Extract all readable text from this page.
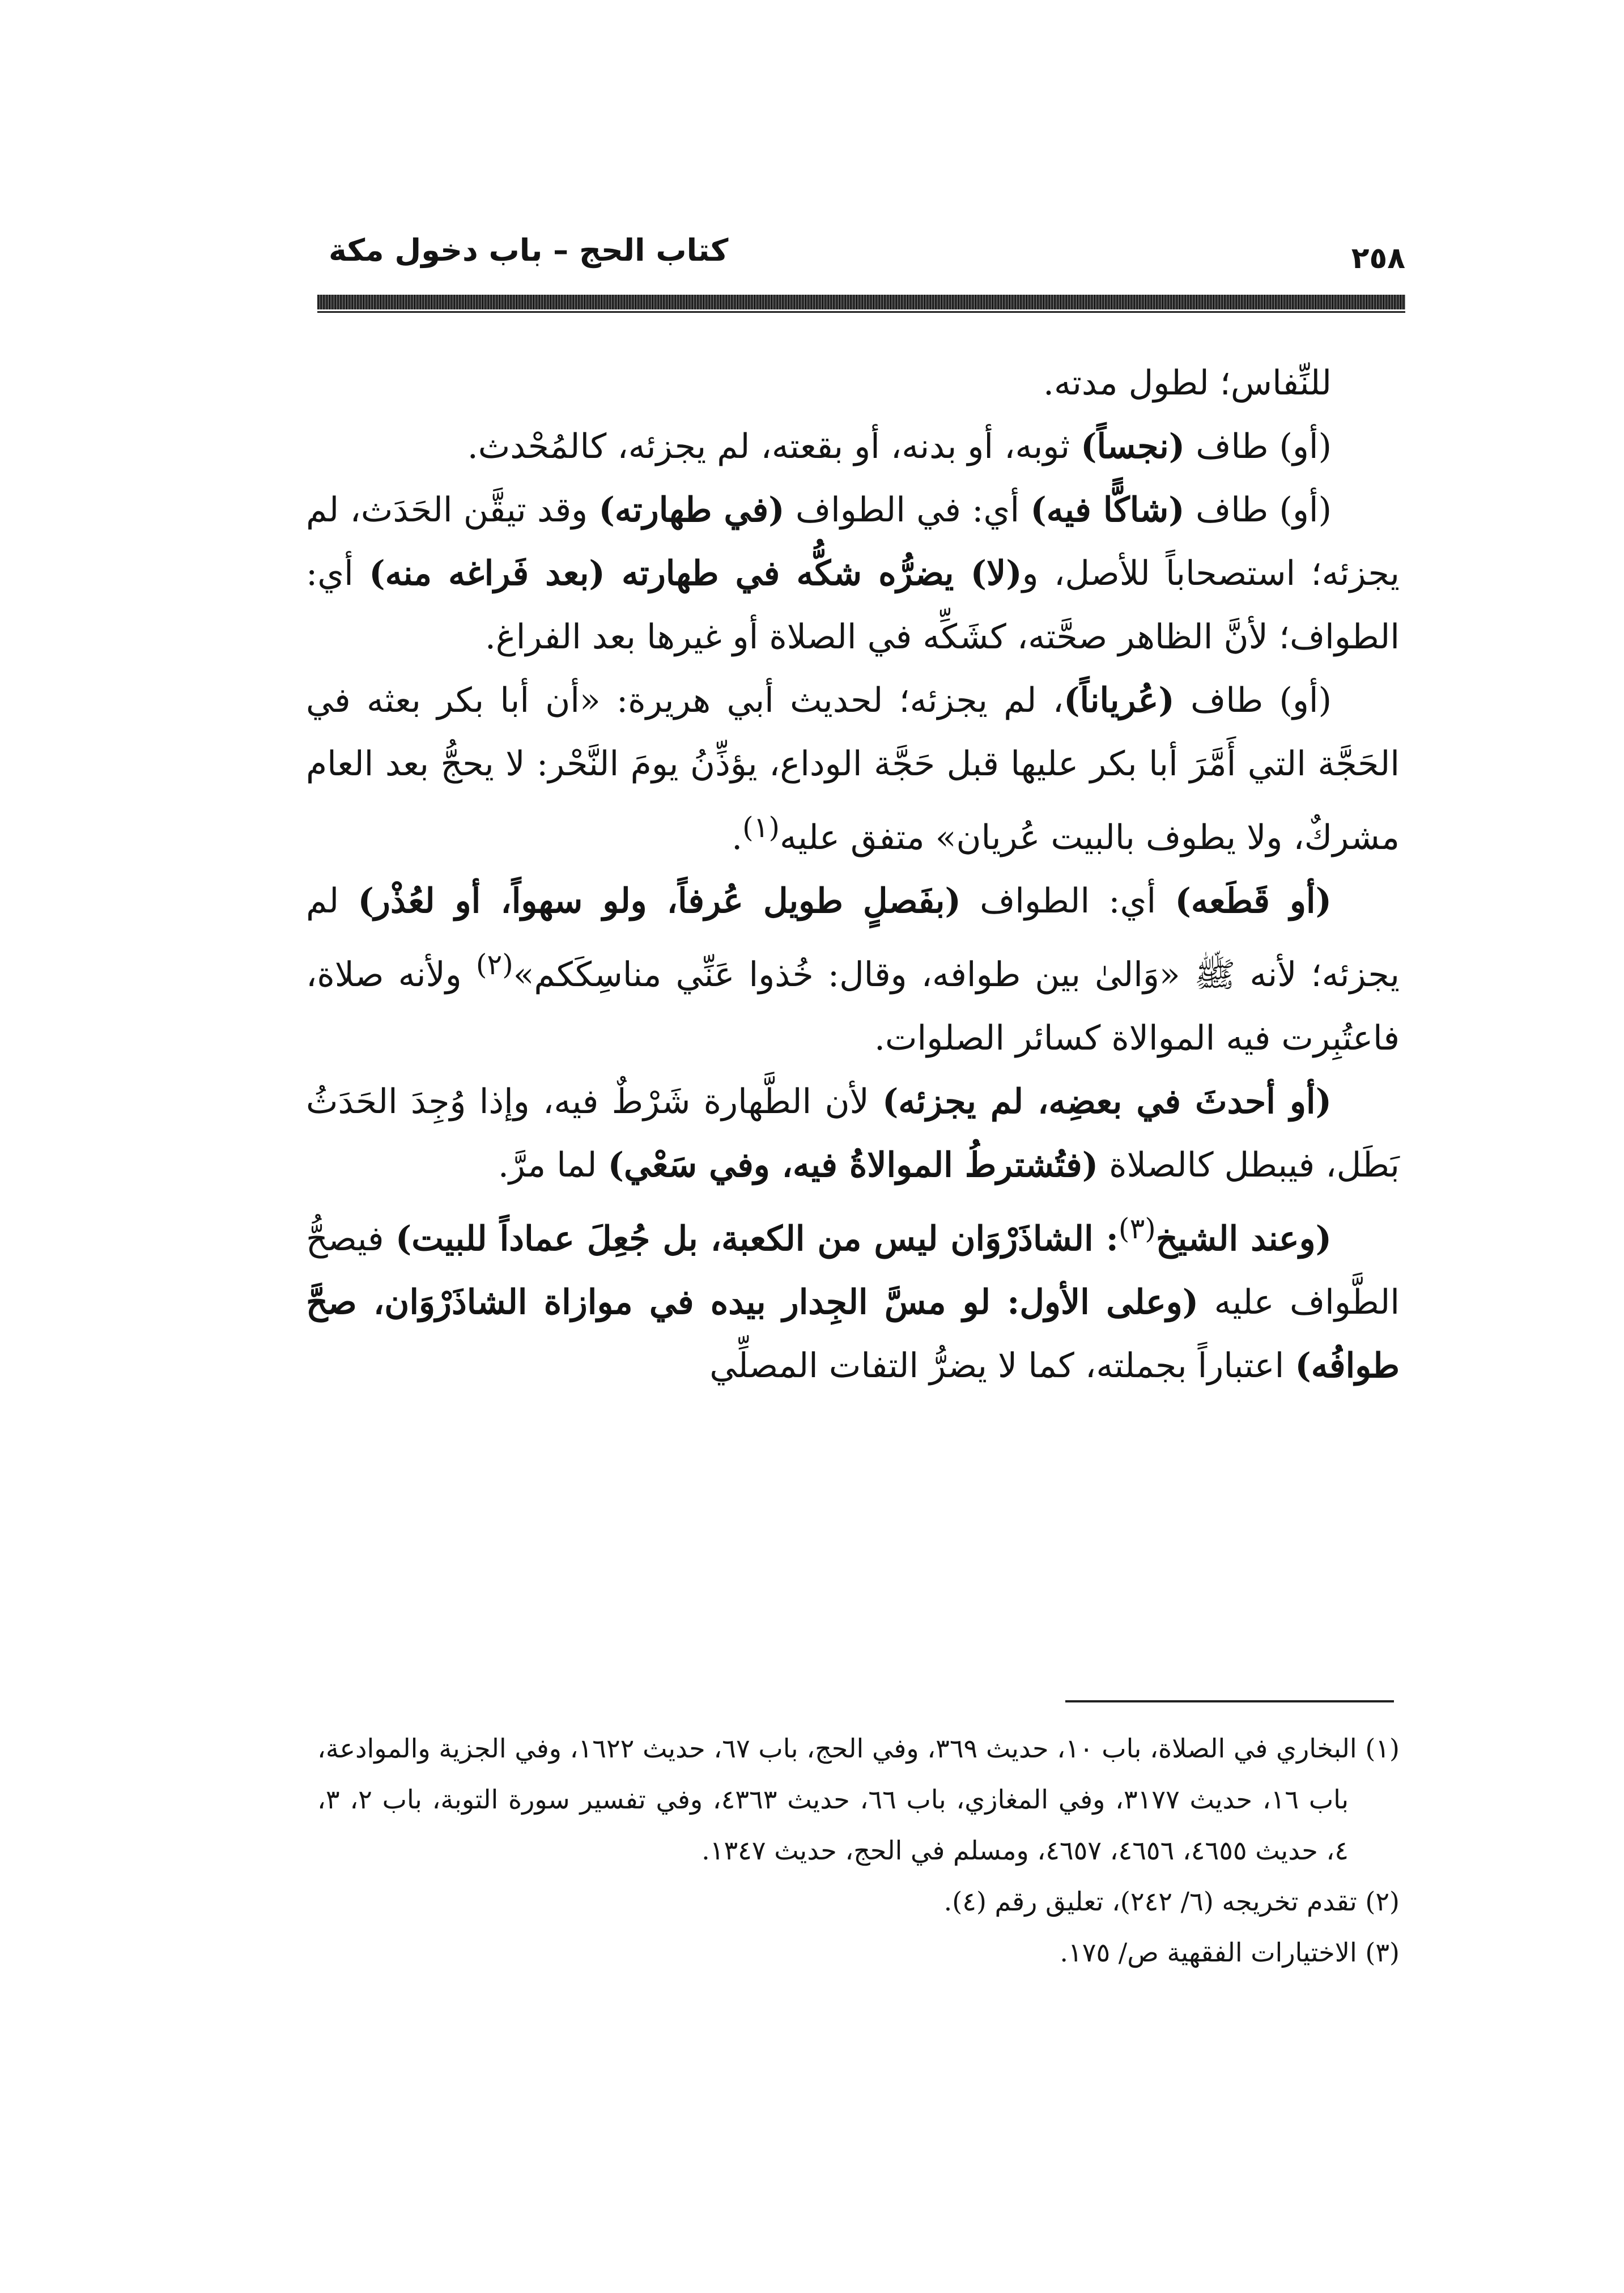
٢٥٨
كتاب الحج – باب دخول مكة

للنِّفاس؛ لطول مدته.

(أو) طاف (نجساً) ثوبه، أو بدنه، أو بقعته، لم يجزئه، كالمُحْدث.

(أو) طاف (شاكًّا فيه) أي: في الطواف (في طهارته) وقد تيقَّن الحَدَث، لم يجزئه؛ استصحاباً للأصل، و(لا) يضرُّه شكُّه في طهارته (بعد فَراغه منه) أي: الطواف؛ لأنَّ الظاهر صحَّته، كشَكِّه في الصلاة أو غيرها بعد الفراغ.

(أو) طاف (عُرياناً)، لم يجزئه؛ لحديث أبي هريرة: «أن أبا بكر بعثه في الحَجَّة التي أَمَّرَ أبا بكر عليها قبل حَجَّة الوداع، يؤذِّنُ يومَ النَّحْر: لا يحجُّ بعد العام مشركٌ، ولا يطوف بالبيت عُريان» متفق عليه$^{(١)}$.

(أو قَطَعه) أي: الطواف (بفَصلٍ طويل عُرفاً، ولو سهواً، أو لعُذْر) لم يجزئه؛ لأنه ﷺ «وَالىٰ بين طوافه، وقال: خُذوا عَنِّي مناسِكَكم»$^{(٢)}$ ولأنه صلاة، فاعتُبِرت فيه الموالاة كسائر الصلوات.

(أو أحدثَ في بعضِه، لم يجزئه) لأن الطَّهارة شَرْطٌ فيه، وإذا وُجِدَ الحَدَثُ بَطَل، فيبطل كالصلاة (فتُشترطُ الموالاةُ فيه، وفي سَعْي) لما مرَّ.

(وعند الشيخ$^{(٣)}$: الشاذَرْوَان ليس من الكعبة، بل جُعِلَ عماداً للبيت) فيصحُّ الطَّواف عليه (وعلى الأول: لو مسَّ الجِدار بيده في موازاة الشاذَرْوَان، صحَّ طوافُه) اعتباراً بجملته، كما لا يضرُّ التفات المصلِّي

(١) البخاري في الصلاة، باب ١٠، حديث ٣٦٩، وفي الحج، باب ٦٧، حديث ١٦٢٢، وفي الجزية والموادعة، باب ١٦، حديث ٣١٧٧، وفي المغازي، باب ٦٦، حديث ٤٣٦٣، وفي تفسير سورة التوبة، باب ٢، ٣، ٤، حديث ٤٦٥٥، ٤٦٥٦، ٤٦٥٧، ومسلم في الحج، حديث ١٣٤٧.

(٢) تقدم تخريجه (٦/ ٢٤٢)، تعليق رقم (٤).

(٣) الاختيارات الفقهية ص/ ١٧٥.
